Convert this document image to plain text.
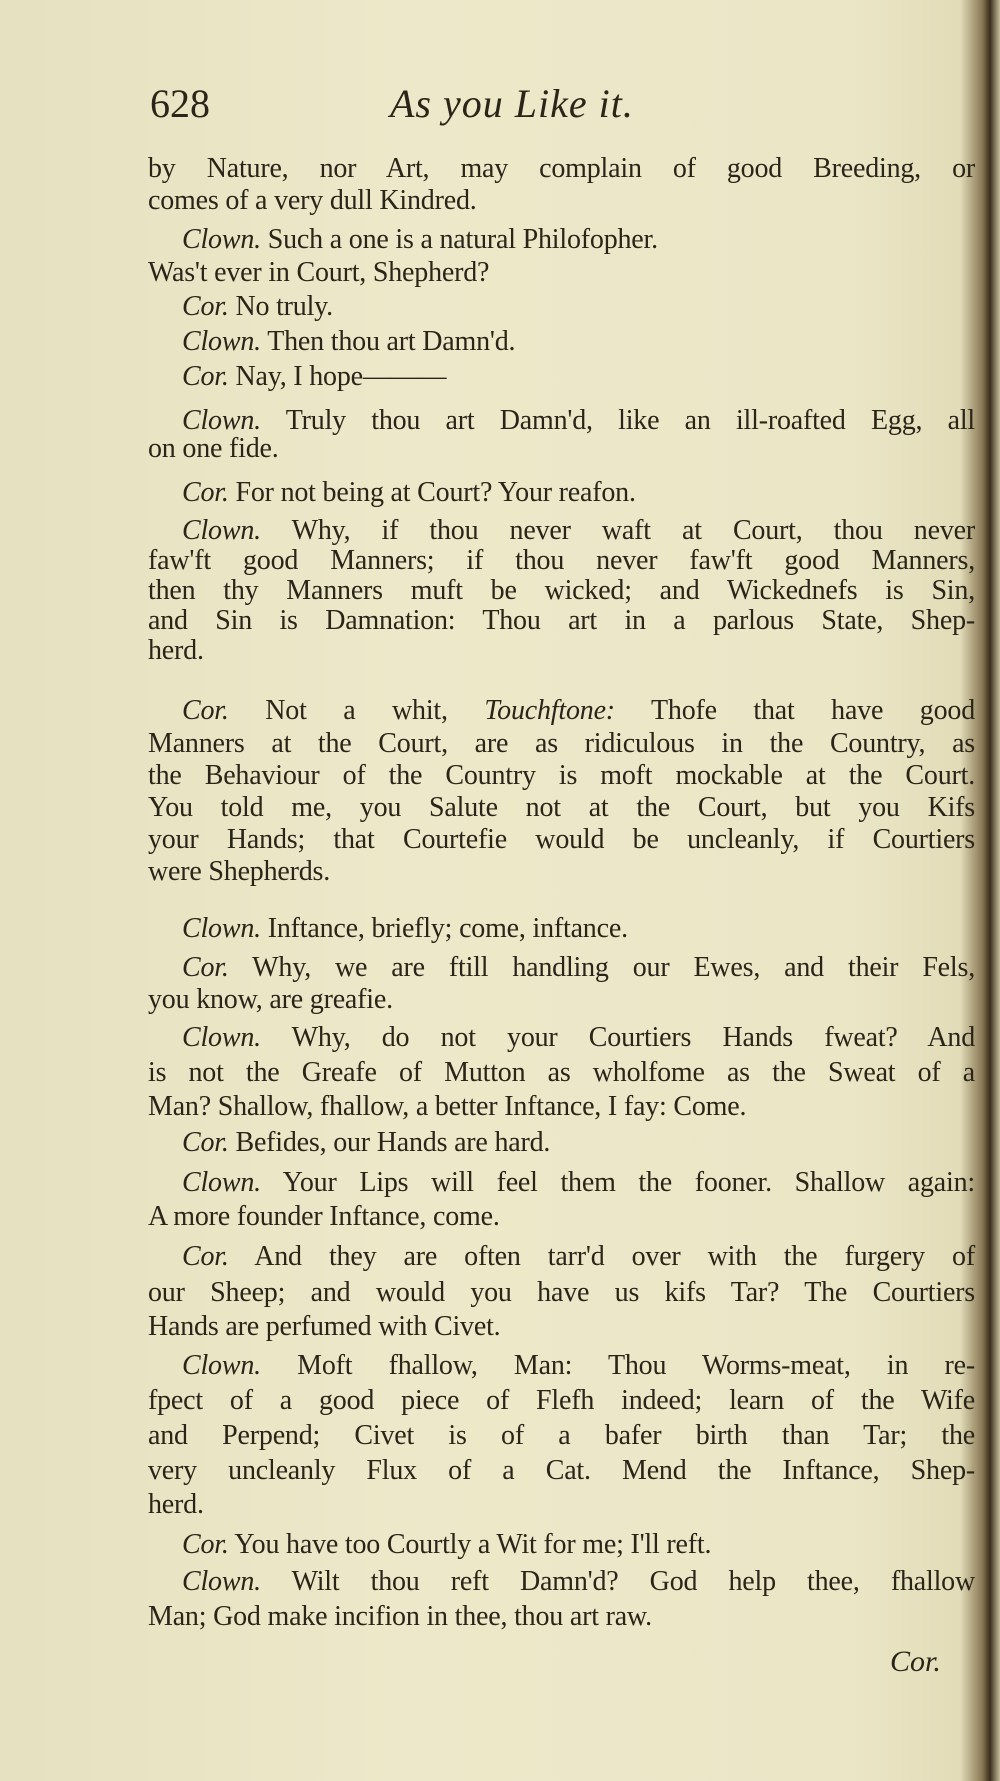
628	As you Like it.
by Nature, nor Art, may complain of good Breeding, or
comes of a very dull Kindred.
Clown. Such a one is a natural Philofopher.
Was't ever in Court, Shepherd?
Cor. No truly.
Clown. Then thou art Damn'd.
Cor. Nay, I hope———
Clown. Truly thou art Damn'd, like an ill-roafted Egg, all
on one fide.
Cor. For not being at Court? Your reafon.
Clown. Why, if thou never waft at Court, thou never
faw'ft good Manners; if thou never faw'ft good Manners,
then thy Manners muft be wicked; and Wickednefs is Sin,
and Sin is Damnation: Thou art in a parlous State, Shep-
herd.
Cor. Not a whit, Touchftone: Thofe that have good
Manners at the Court, are as ridiculous in the Country, as
the Behaviour of the Country is moft mockable at the Court.
You told me, you Salute not at the Court, but you Kifs
your Hands; that Courtefie would be uncleanly, if Courtiers
were Shepherds.
Clown. Inftance, briefly; come, inftance.
Cor. Why, we are ftill handling our Ewes, and their Fels,
you know, are greafie.
Clown. Why, do not your Courtiers Hands fweat? And
is not the Greafe of Mutton as wholfome as the Sweat of a
Man? Shallow, fhallow, a better Inftance, I fay: Come.
Cor. Befides, our Hands are hard.
Clown. Your Lips will feel them the fooner. Shallow again:
A more founder Inftance, come.
Cor. And they are often tarr'd over with the furgery of
our Sheep; and would you have us kifs Tar? The Courtiers
Hands are perfumed with Civet.
Clown. Moft fhallow, Man: Thou Worms-meat, in re-
fpect of a good piece of Flefh indeed; learn of the Wife
and Perpend; Civet is of a bafer birth than Tar; the
very uncleanly Flux of a Cat. Mend the Inftance, Shep-
herd.
Cor. You have too Courtly a Wit for me; I'll reft.
Clown. Wilt thou reft Damn'd? God help thee, fhallow
Man; God make incifion in thee, thou art raw.
Cor.
